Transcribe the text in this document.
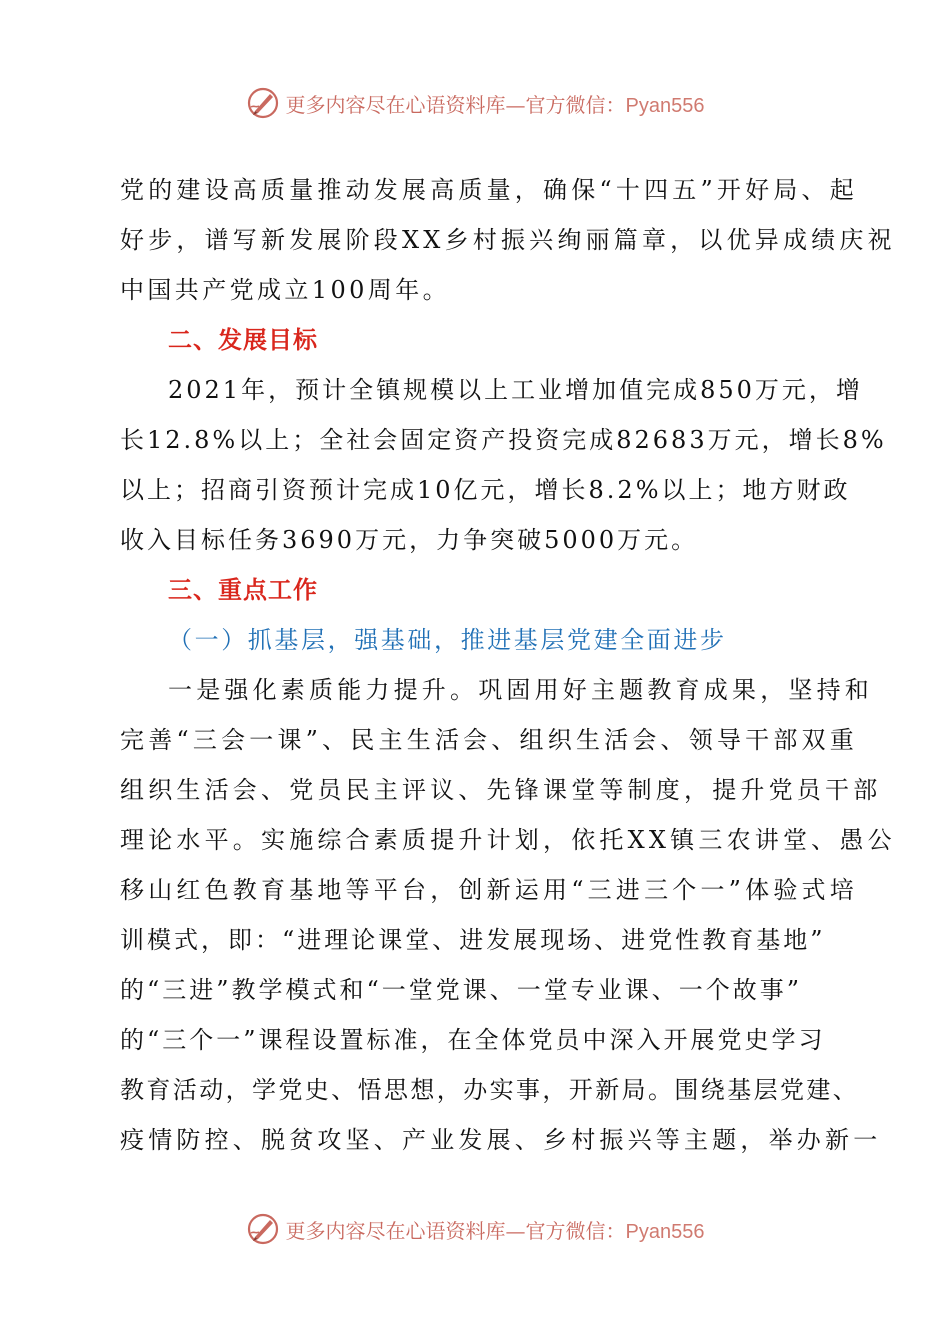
更多内容尽在心语资料库—官方微信：Pyan556
党的建设高质量推动发展高质量，确保“十四五”开好局、起
好步，谱写新发展阶段XX乡村振兴绚丽篇章，以优异成绩庆祝
中国共产党成立100周年。
二、发展目标
2021年，预计全镇规模以上工业增加值完成850万元，增
长12.8%以上；全社会固定资产投资完成82683万元，增长8%
以上；招商引资预计完成10亿元，增长8.2%以上；地方财政
收入目标任务3690万元，力争突破5000万元。
三、重点工作
（一）抓基层，强基础，推进基层党建全面进步
一是强化素质能力提升。巩固用好主题教育成果，坚持和
完善“三会一课”、民主生活会、组织生活会、领导干部双重
组织生活会、党员民主评议、先锋课堂等制度，提升党员干部
理论水平。实施综合素质提升计划，依托XX镇三农讲堂、愚公
移山红色教育基地等平台，创新运用“三进三个一”体验式培
训模式，即：“进理论课堂、进发展现场、进党性教育基地”
的“三进”教学模式和“一堂党课、一堂专业课、一个故事”
的“三个一”课程设置标准，在全体党员中深入开展党史学习
教育活动，学党史、悟思想，办实事，开新局。围绕基层党建、
疫情防控、脱贫攻坚、产业发展、乡村振兴等主题，举办新一
更多内容尽在心语资料库—官方微信：Pyan556
